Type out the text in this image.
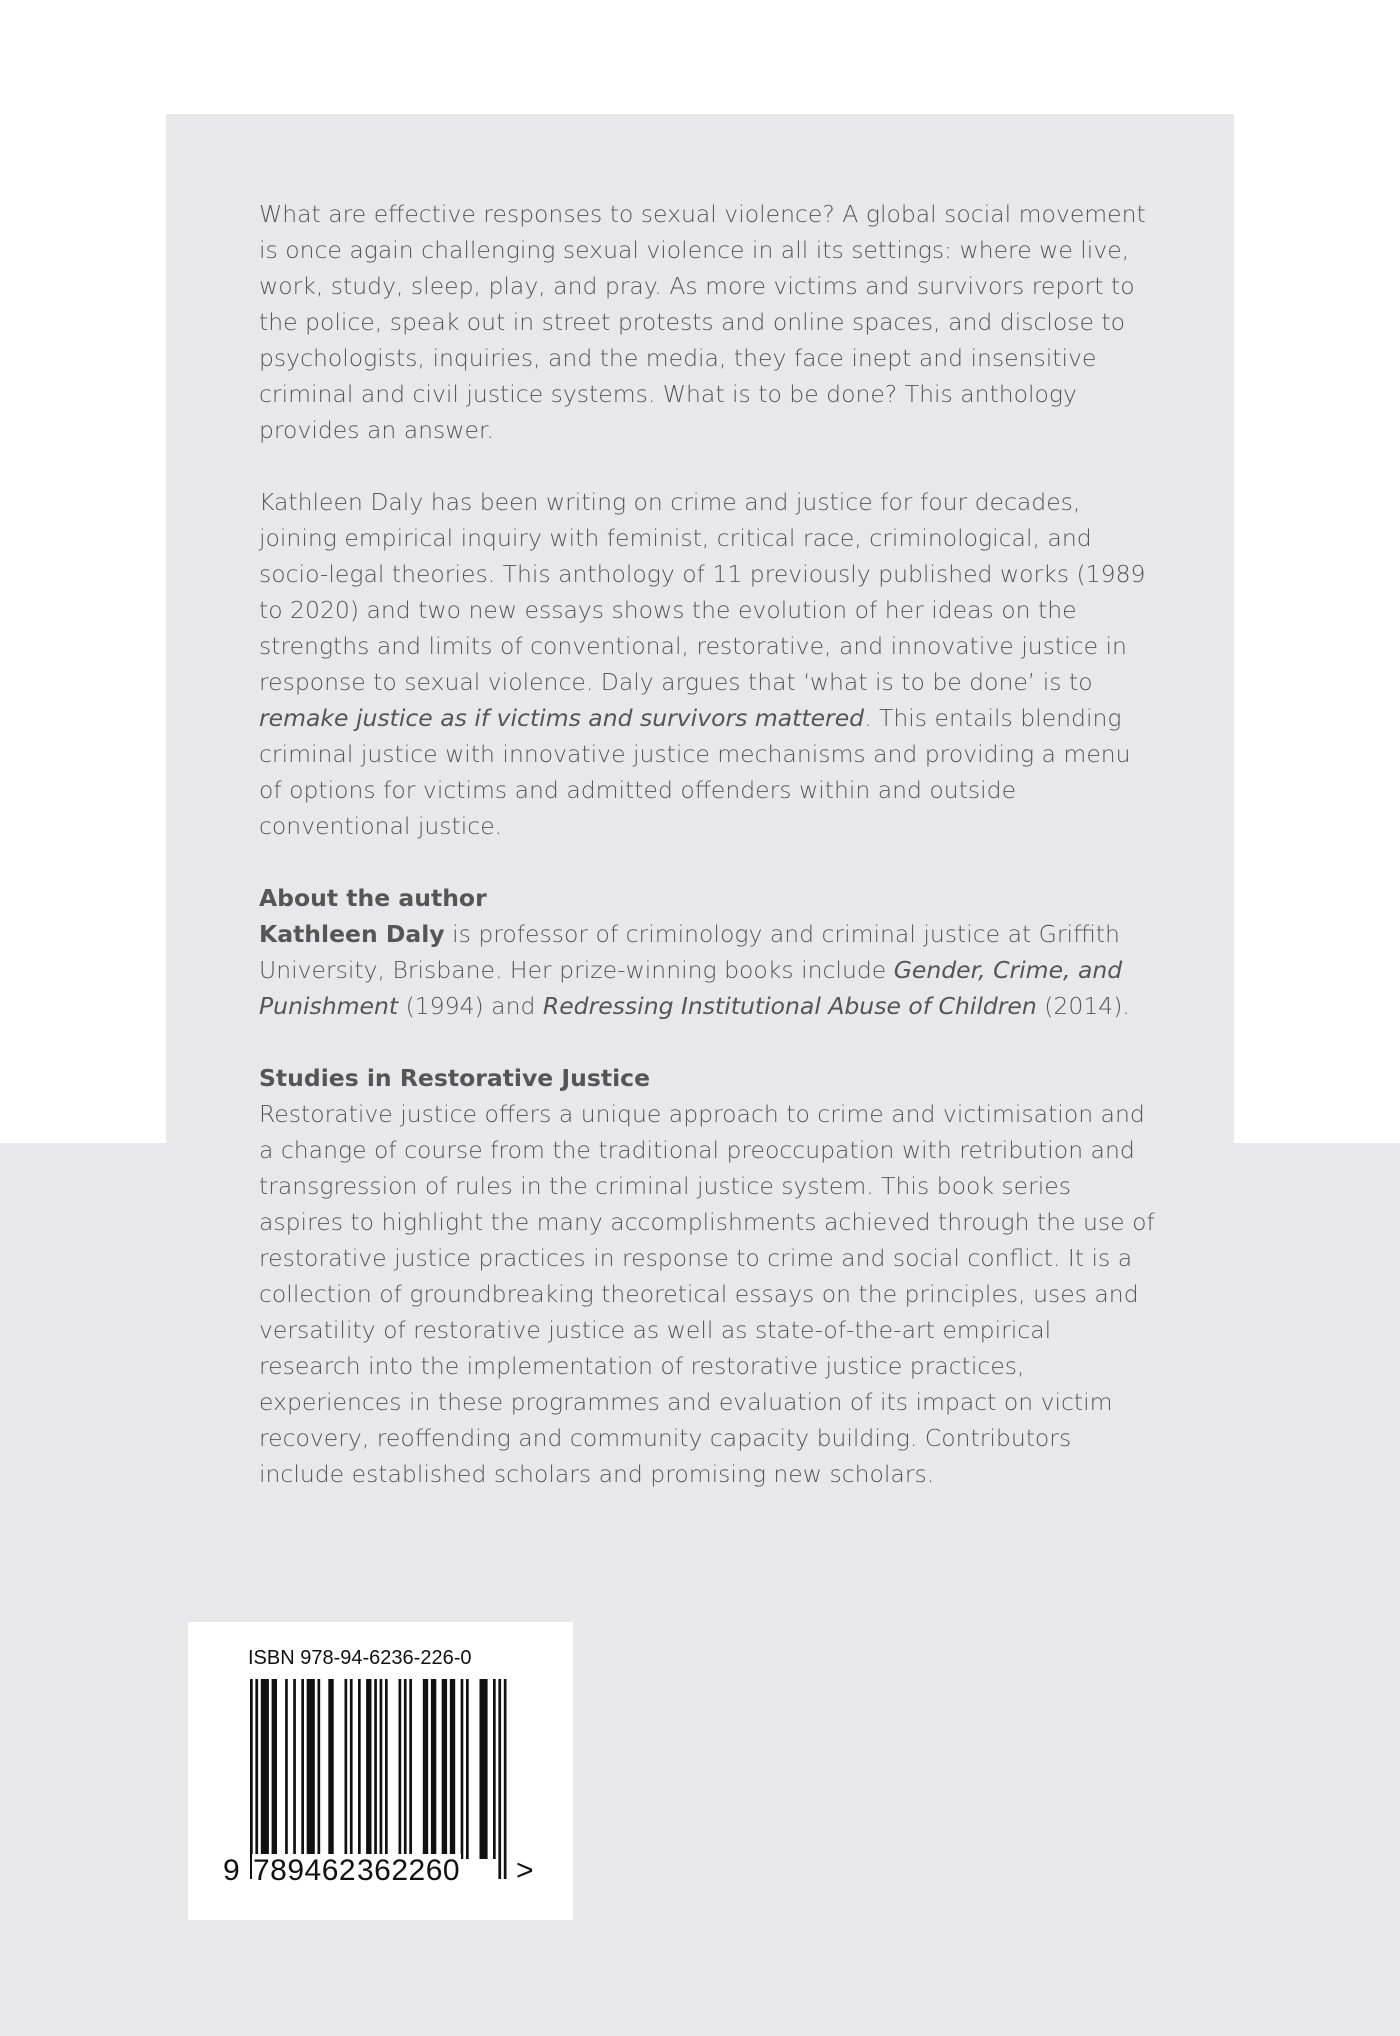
What are effective responses to sexual violence? A global social movement is once again challenging sexual violence in all its settings: where we live, work, study, sleep, play, and pray. As more victims and survivors report to the police, speak out in street protests and online spaces, and disclose to psychologists, inquiries, and the media, they face inept and insensitive criminal and civil justice systems. What is to be done? This anthology provides an answer.

Kathleen Daly has been writing on crime and justice for four decades, joining empirical inquiry with feminist, critical race, criminological, and socio-legal theories. This anthology of 11 previously published works (1989 to 2020) and two new essays shows the evolution of her ideas on the strengths and limits of conventional, restorative, and innovative justice in response to sexual violence. Daly argues that ‘what is to be done’ is to remake justice as if victims and survivors mattered. This entails blending criminal justice with innovative justice mechanisms and providing a menu of options for victims and admitted offenders within and outside conventional justice.

About the author

Kathleen Daly is professor of criminology and criminal justice at Griffith University, Brisbane. Her prize-winning books include Gender, Crime, and Punishment (1994) and Redressing Institutional Abuse of Children (2014).

Studies in Restorative Justice

Restorative justice offers a unique approach to crime and victimisation and a change of course from the traditional preoccupation with retribution and transgression of rules in the criminal justice system. This book series aspires to highlight the many accomplishments achieved through the use of restorative justice practices in response to crime and social conflict. It is a collection of groundbreaking theoretical essays on the principles, uses and versatility of restorative justice as well as state-of-the-art empirical research into the implementation of restorative justice practices, experiences in these programmes and evaluation of its impact on victim recovery, reoffending and community capacity building. Contributors include established scholars and promising new scholars.

ISBN 978-94-6236-226-0
9 789462 362260 >
